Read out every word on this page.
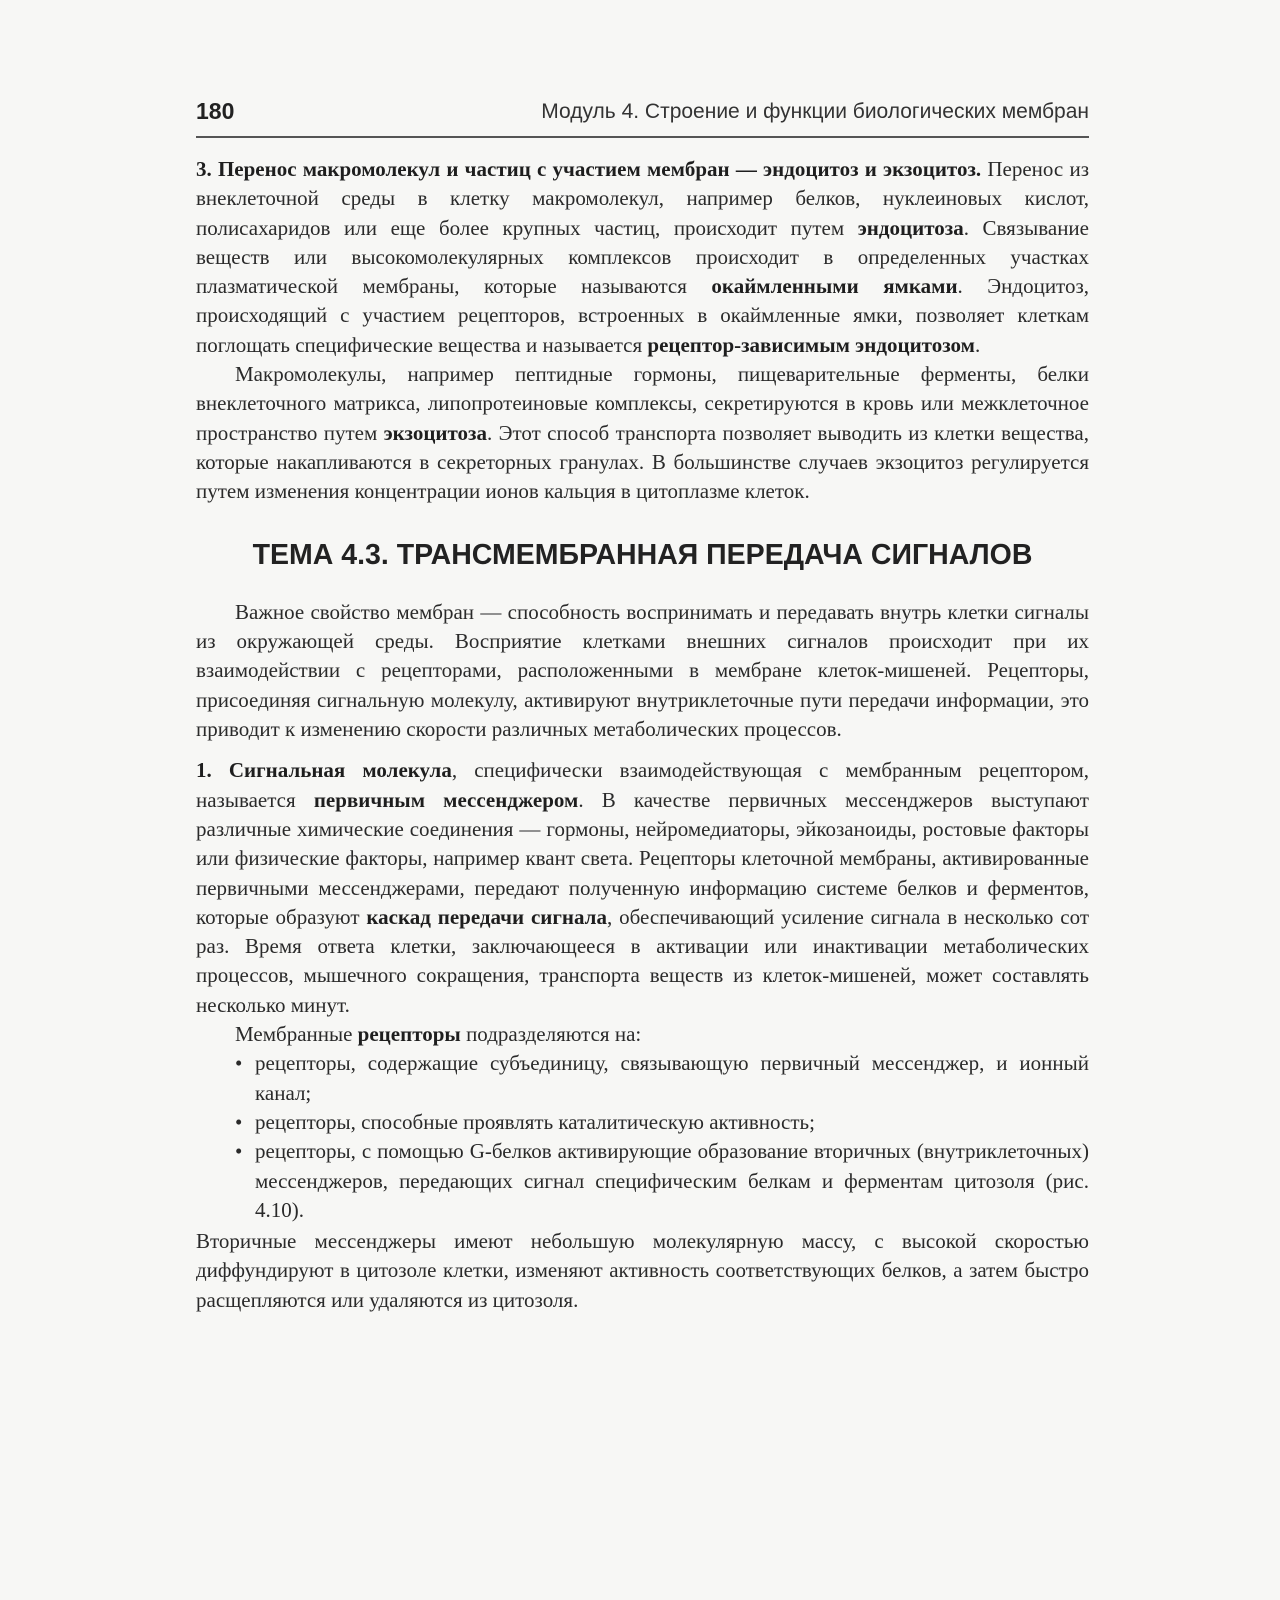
180	Модуль 4. Строение и функции биологических мембран

3. Перенос макромолекул и частиц с участием мембран — эндоцитоз и экзоцитоз. Перенос из внеклеточной среды в клетку макромолекул, например белков, нуклеиновых кислот, полисахаридов или еще более крупных частиц, происходит путем эндоцитоза. Связывание веществ или высокомолекулярных комплексов происходит в определенных участках плазматической мембраны, которые называются окаймленными ямками. Эндоцитоз, происходящий с участием рецепторов, встроенных в окаймленные ямки, позволяет клеткам поглощать специфические вещества и называется рецептор-зависимым эндоцитозом.

Макромолекулы, например пептидные гормоны, пищеварительные ферменты, белки внеклеточного матрикса, липопротеиновые комплексы, секретируются в кровь или межклеточное пространство путем экзоцитоза. Этот способ транспорта позволяет выводить из клетки вещества, которые накапливаются в секреторных гранулах. В большинстве случаев экзоцитоз регулируется путем изменения концентрации ионов кальция в цитоплазме клеток.

ТЕМА 4.3. ТРАНСМЕМБРАННАЯ ПЕРЕДАЧА СИГНАЛОВ

Важное свойство мембран — способность воспринимать и передавать внутрь клетки сигналы из окружающей среды. Восприятие клетками внешних сигналов происходит при их взаимодействии с рецепторами, расположенными в мембране клеток-мишеней. Рецепторы, присоединяя сигнальную молекулу, активируют внутриклеточные пути передачи информации, это приводит к изменению скорости различных метаболических процессов.

1. Сигнальная молекула, специфически взаимодействующая с мембранным рецептором, называется первичным мессенджером. В качестве первичных мессенджеров выступают различные химические соединения — гормоны, нейромедиаторы, эйкозаноиды, ростовые факторы или физические факторы, например квант света. Рецепторы клеточной мембраны, активированные первичными мессенджерами, передают полученную информацию системе белков и ферментов, которые образуют каскад передачи сигнала, обеспечивающий усиление сигнала в несколько сот раз. Время ответа клетки, заключающееся в активации или инактивации метаболических процессов, мышечного сокращения, транспорта веществ из клеток-мишеней, может составлять несколько минут.

Мембранные рецепторы подразделяются на:

• рецепторы, содержащие субъединицу, связывающую первичный мессенджер, и ионный канал;
• рецепторы, способные проявлять каталитическую активность;
• рецепторы, с помощью G-белков активирующие образование вторичных (внутриклеточных) мессенджеров, передающих сигнал специфическим белкам и ферментам цитозоля (рис. 4.10).

Вторичные мессенджеры имеют небольшую молекулярную массу, с высокой скоростью диффундируют в цитозоле клетки, изменяют активность соответствующих белков, а затем быстро расщепляются или удаляются из цитозоля.
